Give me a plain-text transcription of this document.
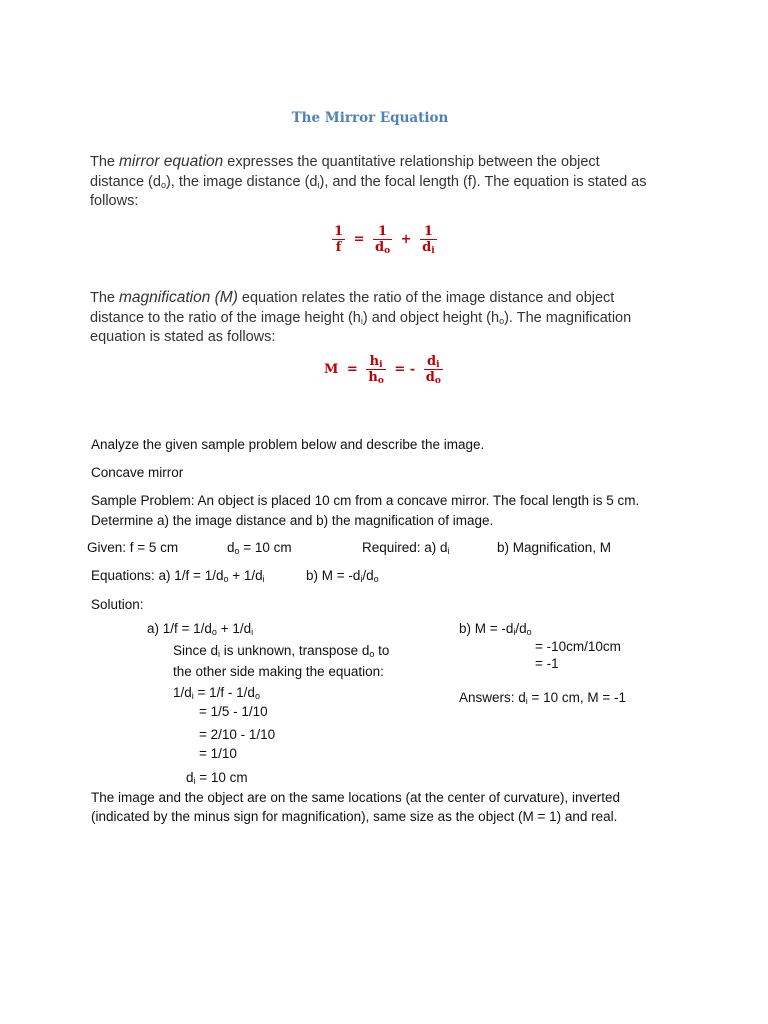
The Mirror Equation
The mirror equation expresses the quantitative relationship between the object distance $(d_o)$, the image distance $(d_i)$, and the focal length (f). The equation is stated as follows:
$\frac{1}{f} = \frac{1}{d_o} + \frac{1}{d_i}$
The magnification (M) equation relates the ratio of the image distance and object distance to the ratio of the image height $(h_i)$ and object height $(h_o)$. The magnification equation is stated as follows:
$M = \frac{h_i}{h_o}$ = - $\frac{d_i}{d_o}$
Analyze the given sample problem below and describe the image.
Concave mirror
Sample Problem: An object is placed 10 cm from a concave mirror. The focal length is 5 cm. Determine a) the image distance and b) the magnification of image.
Given: f = 5 cm	$d_o = 10$ cm	Required: a) $d_i$	b) Magnification, M
Equations: a) $1/f = 1/d_o + 1/d_i$	b) $M = -d_i/d_o$
Solution:
a) $1/f = 1/d_o + 1/d_i$
Since $d_i$ is unknown, transpose $d_o$ to
the other side making the equation:
$1/d_i = 1/f - 1/d_o$
= 1/5 - 1/10
= 2/10 - 1/10
= 1/10
$d_i = 10$ cm
b) $M = -d_i/d_o$
= -10cm/10cm
= -1
Answers: $d_i = 10$ cm, M = -1
The image and the object are on the same locations (at the center of curvature), inverted (indicated by the minus sign for magnification), same size as the object (M = 1) and real.
